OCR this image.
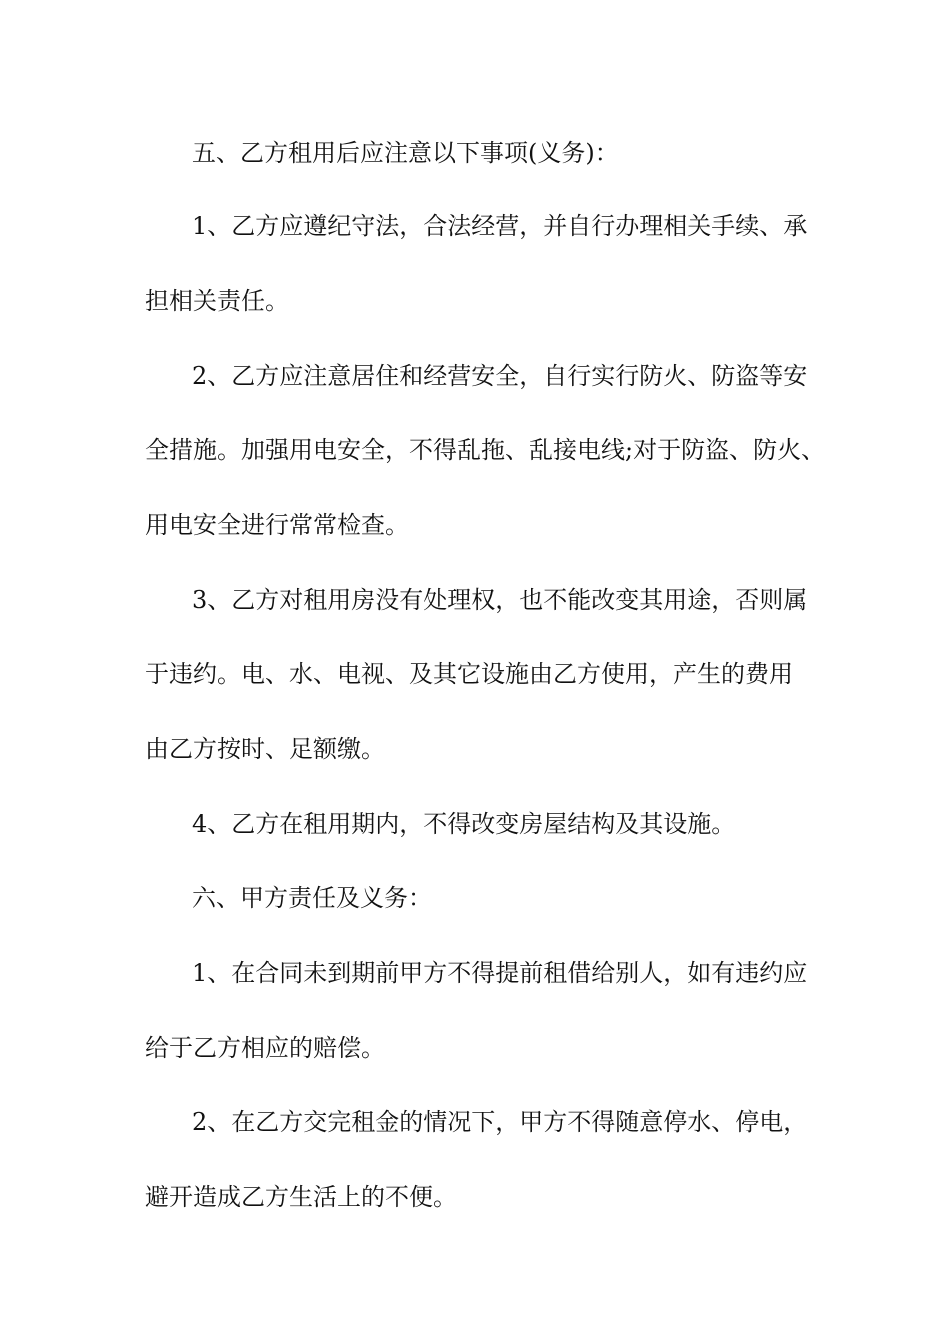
五、乙方租用后应注意以下事项(义务)：
1、乙方应遵纪守法，合法经营，并自行办理相关手续、承
担相关责任。
2、乙方应注意居住和经营安全，自行实行防火、防盗等安
全措施。加强用电安全，不得乱拖、乱接电线;对于防盗、防火、
用电安全进行常常检查。
3、乙方对租用房没有处理权，也不能改变其用途，否则属
于违约。电、水、电视、及其它设施由乙方使用，产生的费用
由乙方按时、足额缴。
4、乙方在租用期内，不得改变房屋结构及其设施。
六、甲方责任及义务：
1、在合同未到期前甲方不得提前租借给别人，如有违约应
给于乙方相应的赔偿。
2、在乙方交完租金的情况下，甲方不得随意停水、停电，
避开造成乙方生活上的不便。
